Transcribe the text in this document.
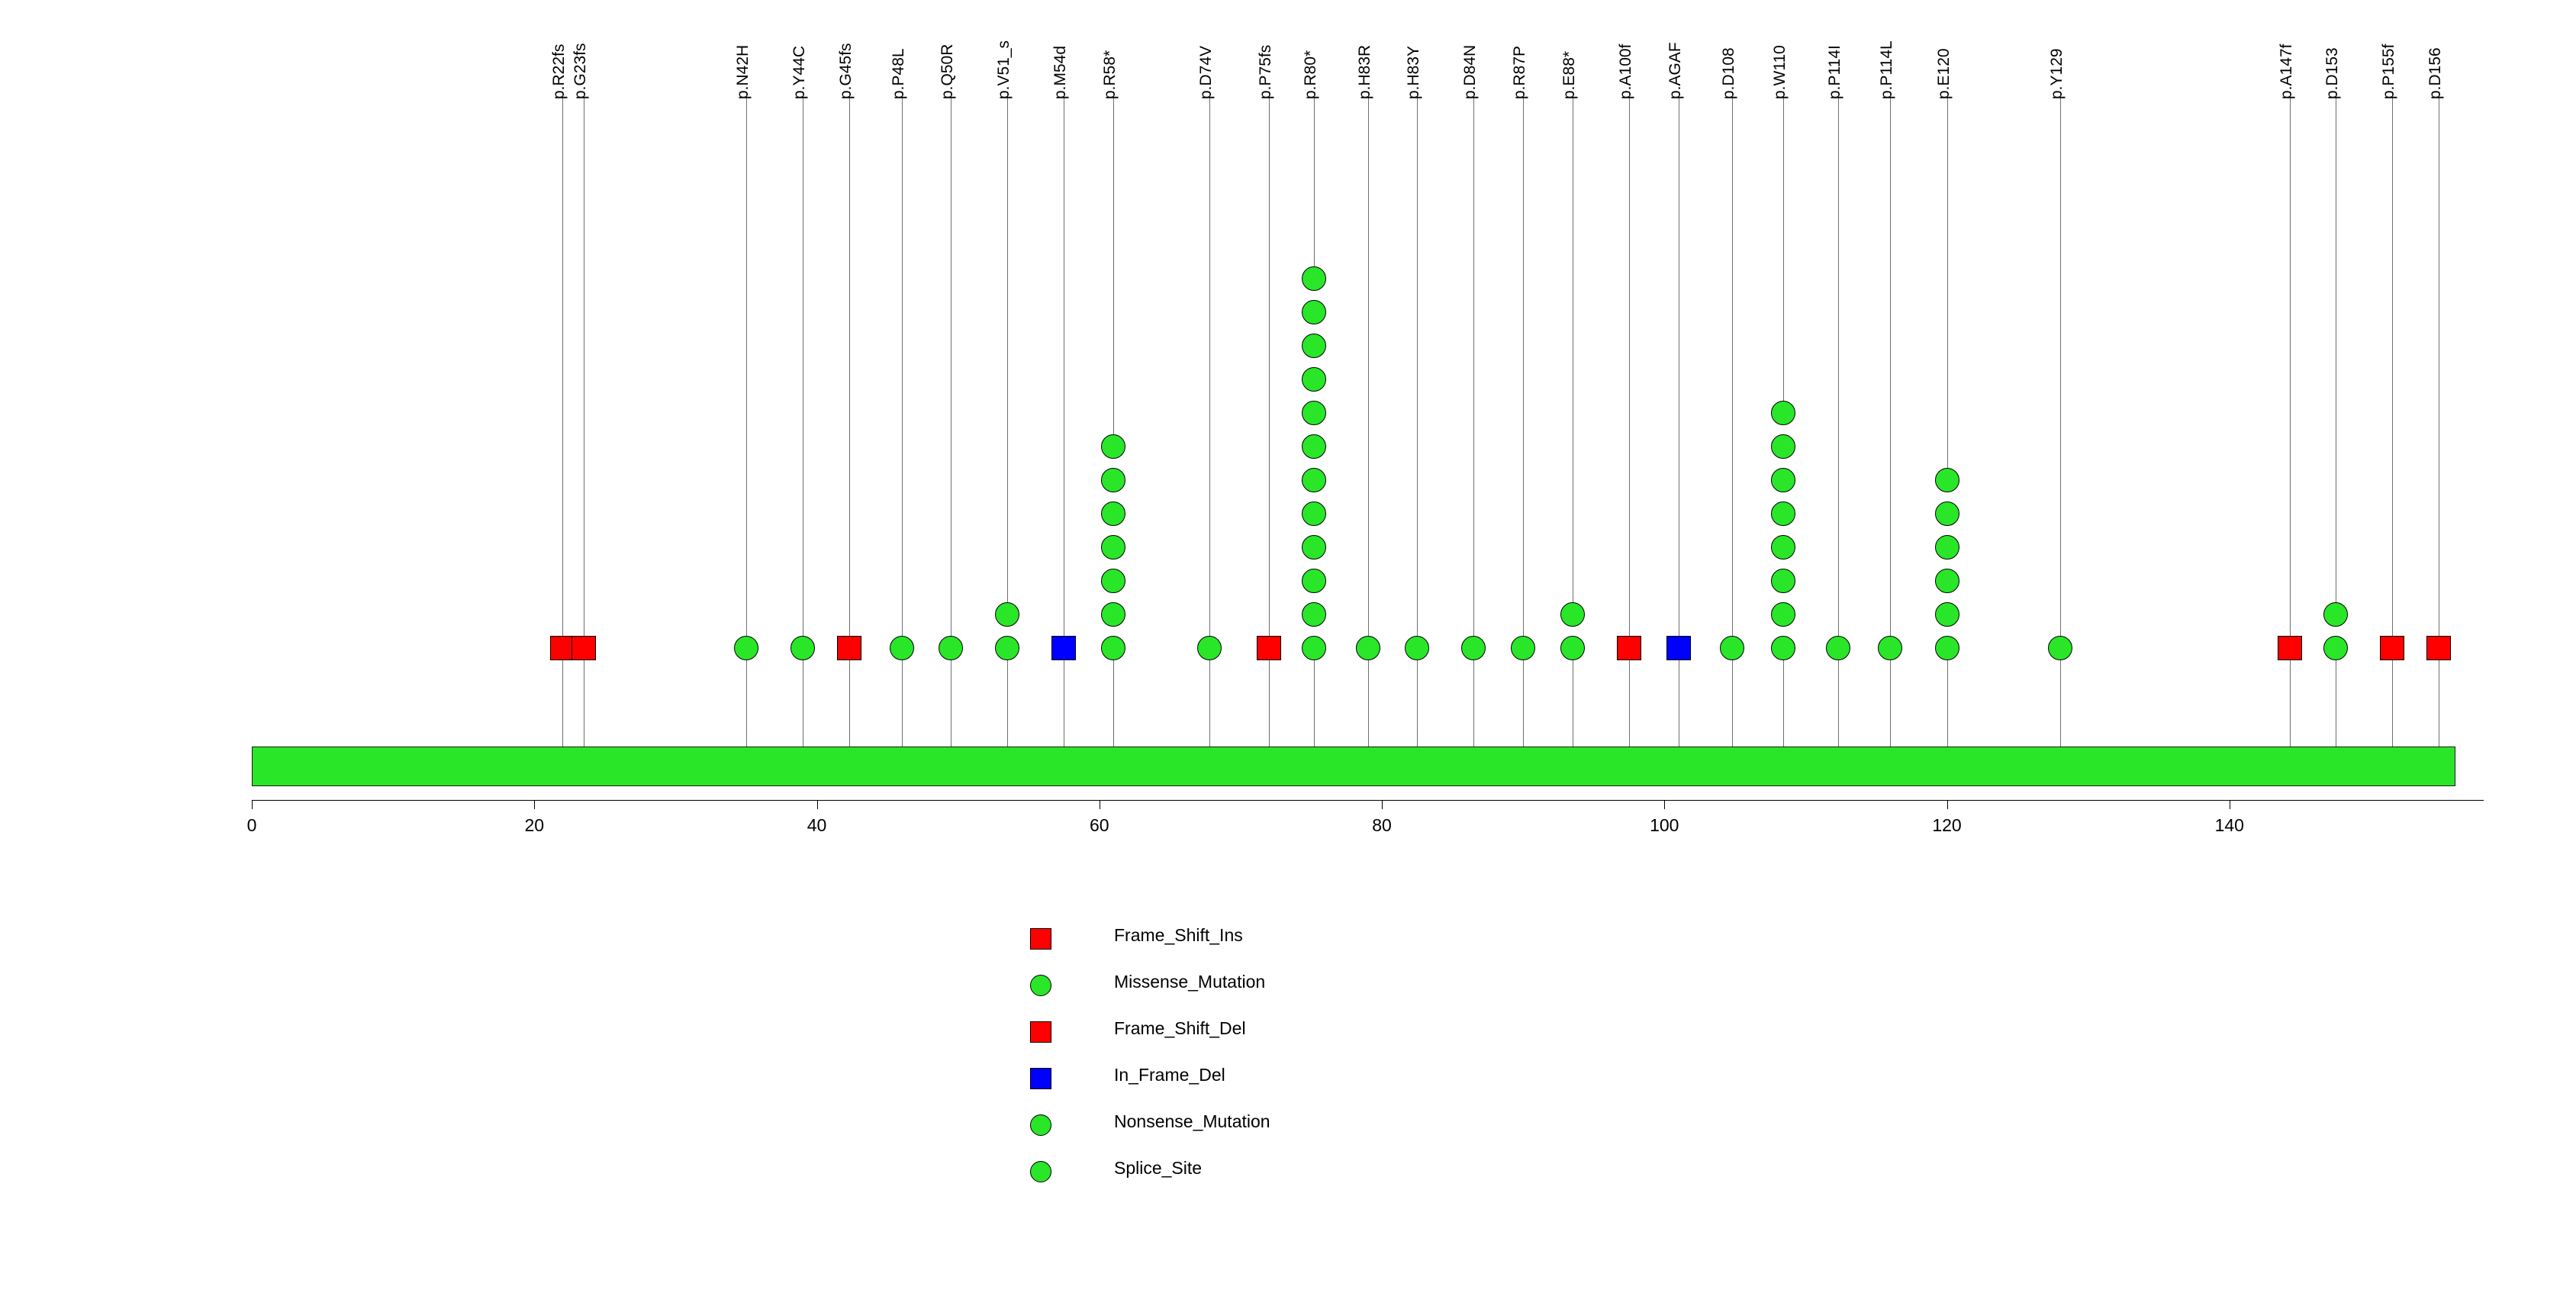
p.R22fs p.G23fs	p.N42H p.Y44C p.G45fs p.P48L p.Q50R p.V51_s p.M54d p.R58*	p.D74V	p.P75fs p.R80* p.H83R p.H83Y p.D84N p.R87P p.E88* p.A100f p.AGAF p.D108 p.W110 p.P114I p.P114L p.E120	p.Y129	p.A147f p.D153 p.P155f p.D156
0	20	40	60	80	100	120	140
Frame_Shift_Ins
Missense_Mutation
Frame_Shift_Del
In_Frame_Del
Nonsense_Mutation
Splice_Site
